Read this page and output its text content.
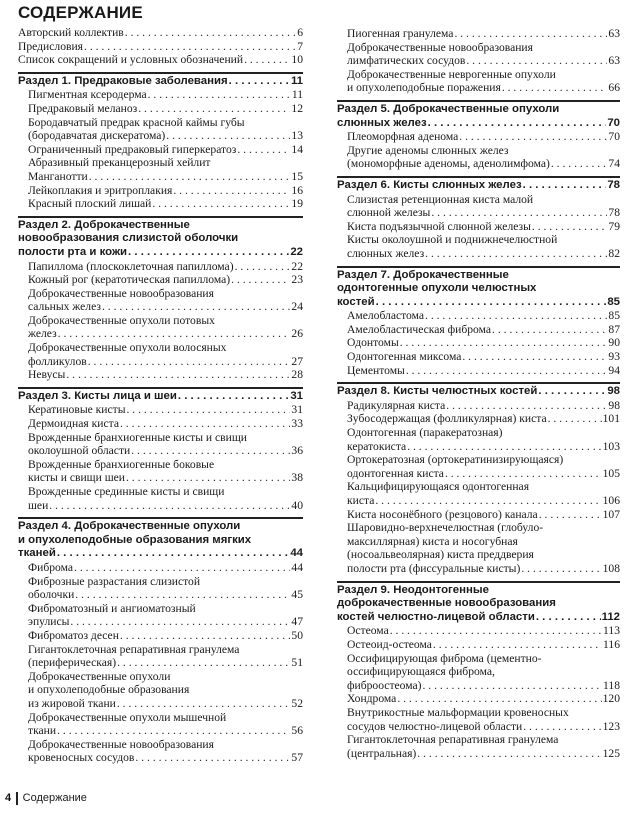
СОДЕРЖАНИЕ
Авторский коллектив . . .	6
Предисловия . . .	7
Список сокращений и условных обозначений . . .	10
Раздел 1. Предраковые заболевания . . .	11
Пигментная ксеродерма . . .	11
Предраковый меланоз . . .	12
Бородавчатый предрак красной каймы губы
(бородавчатая дискератома) . . .	13
Ограниченный предраковый гиперкератоз . . .	14
Абразивный преканцерозный хейлит
Манганотти . . .	15
Лейкоплакия и эритроплакия . . .	16
Красный плоский лишай . . .	19
Раздел 2. Доброкачественные
новообразования слизистой оболочки
полости рта и кожи . . .	22
Папиллома (плоскоклеточная папиллома) . . .	22
Кожный рог (кератотическая папиллома) . . .	23
Доброкачественные новообразования
сальных желез . . .	24
Доброкачественные опухоли потовых
желез . . .	26
Доброкачественные опухоли волосяных
фолликулов . . .	27
Невусы . . .	28
Раздел 3. Кисты лица и шеи . . .	31
Кератиновые кисты . . .	31
Дермоидная киста . . .	33
Врожденные бранхиогенные кисты и свищи
околоушной области . . .	36
Врожденные бранхиогенные боковые
кисты и свищи шеи . . .	38
Врожденные срединные кисты и свищи
шеи . . .	40
Раздел 4. Доброкачественные опухоли
и опухолеподобные образования мягких
тканей . . .	44
Фиброма . . .	44
Фиброзные разрастания слизистой
оболочки . . .	45
Фиброматозный и ангиоматозный
эпулисы . . .	47
Фиброматоз десен . . .	50
Гигантоклеточная репаративная гранулема
(периферическая) . . .	51
Доброкачественные опухоли
и опухолеподобные образования
из жировой ткани . . .	52
Доброкачественные опухоли мышечной
ткани . . .	56
Доброкачественные новообразования
кровеносных сосудов . . .	57
Пиогенная гранулема . . .	63
Доброкачественные новообразования
лимфатических сосудов . . .	63
Доброкачественные неврогенные опухоли
и опухолеподобные поражения . . .	66
Раздел 5. Доброкачественные опухоли
слюнных желез . . .	70
Плеоморфная аденома . . .	70
Другие аденомы слюнных желез
(мономорфные аденомы, аденолимфома) . . .	74
Раздел 6. Кисты слюнных желез . . .	78
Слизистая ретенционная киста малой
слюнной железы . . .	78
Киста подъязычной слюнной железы . . .	79
Кисты околоушной и поднижнечелюстной
слюнных желез . . .	82
Раздел 7. Доброкачественные
одонтогенные опухоли челюстных
костей . . .	85
Амелобластома . . .	85
Амелобластическая фиброма . . .	87
Одонтомы . . .	90
Одонтогенная миксома . . .	93
Цементомы . . .	94
Раздел 8. Кисты челюстных костей . . .	98
Радикулярная киста . . .	98
Зубосодержащая (фолликулярная) киста . . .	101
Одонтогенная (паракератозная)
кератокиста . . .	103
Ортокератозная (ортокератинизирующаяся)
одонтогенная киста . . .	105
Кальцифицирующаяся одонтогенная
киста . . .	106
Киста носонёбного (резцового) канала . . .	107
Шаровидно-верхнечелюстная (глобуло-
максиллярная) киста и носогубная
(носоальвеолярная) киста преддверия
полости рта (фиссуральные кисты) . . .	108
Раздел 9. Неодонтогенные
доброкачественные новообразования
костей челюстно-лицевой области . . .	112
Остеома . . .	113
Остеоид-остеома . . .	116
Оссифицирующая фиброма (цементно-
оссифицирующаяся фиброма,
фиброостеома) . . .	118
Хондрома . . .	120
Внутрикостные мальформации кровеносных
сосудов челюстно-лицевой области . . .	123
Гигантоклеточная репаративная гранулема
(центральная) . . .	125
4	Содержание
